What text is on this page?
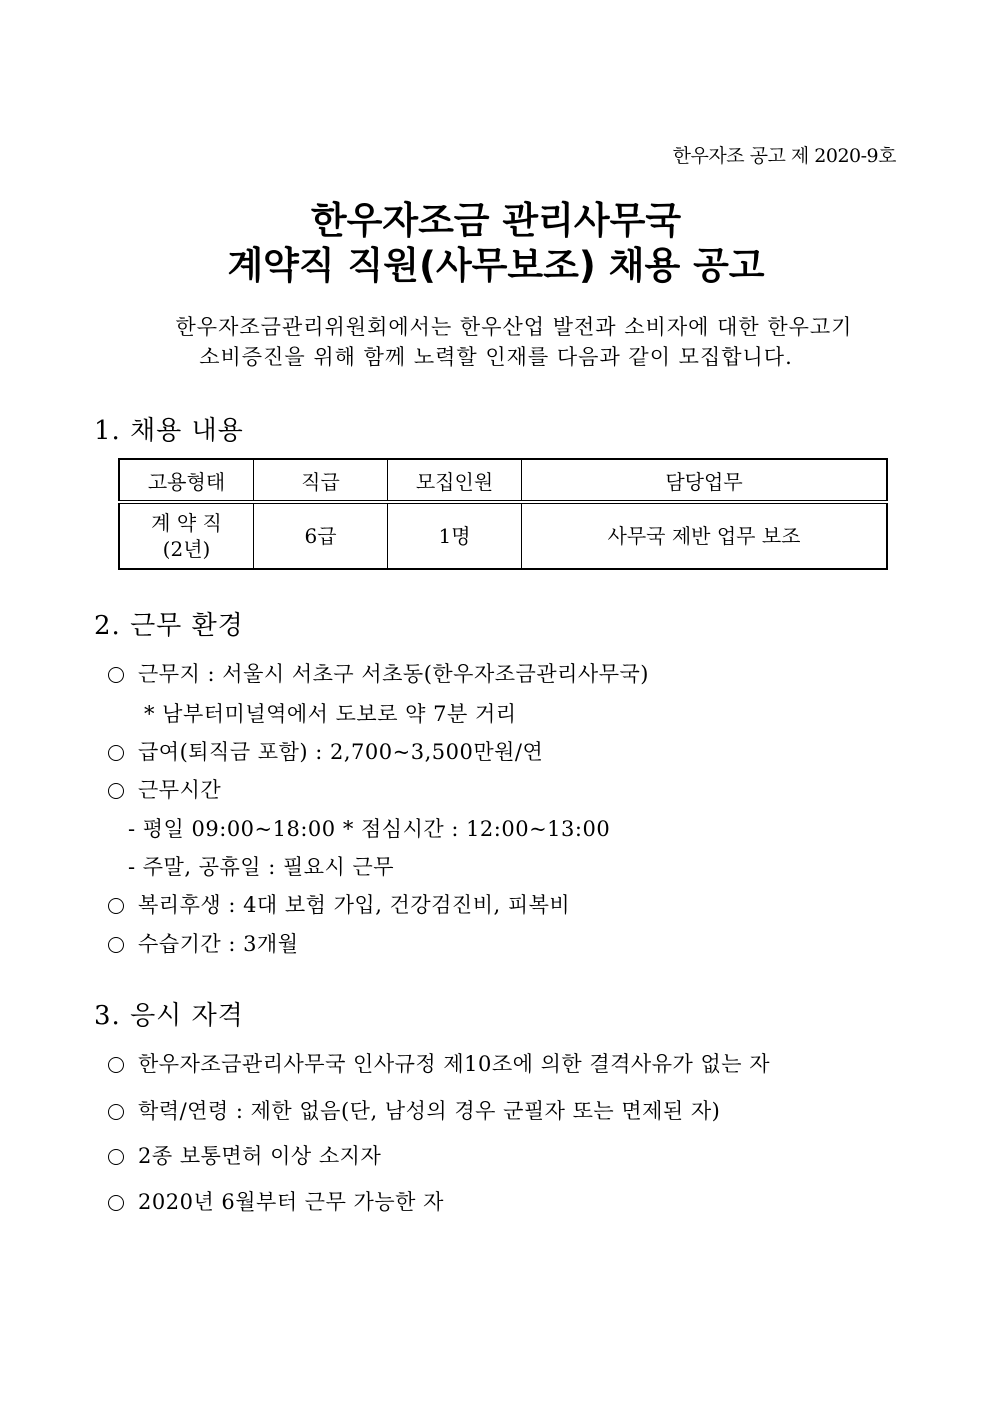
한우자조 공고 제 2020-9호
한우자조금 관리사무국
계약직 직원(사무보조) 채용 공고
한우자조금관리위원회에서는 한우산업 발전과 소비자에 대한 한우고기
소비증진을 위해 함께 노력할 인재를 다음과 같이 모집합니다.
1. 채용 내용
고용형태	직급	모집인원	담당업무

계 약 직
(2년)	6급	1명	사무국 제반 업무 보조
2. 근무 환경
근무지 : 서울시 서초구 서초동(한우자조금관리사무국)
* 남부터미널역에서 도보로 약 7분 거리
급여(퇴직금 포함) : 2,700~3,500만원/연
근무시간
- 평일 09:00~18:00 * 점심시간 : 12:00~13:00
- 주말, 공휴일 : 필요시 근무
복리후생 : 4대 보험 가입, 건강검진비, 피복비
수습기간 : 3개월
3. 응시 자격
한우자조금관리사무국 인사규정 제10조에 의한 결격사유가 없는 자
학력/연령 : 제한 없음(단, 남성의 경우 군필자 또는 면제된 자)
2종 보통면허 이상 소지자
2020년 6월부터 근무 가능한 자
